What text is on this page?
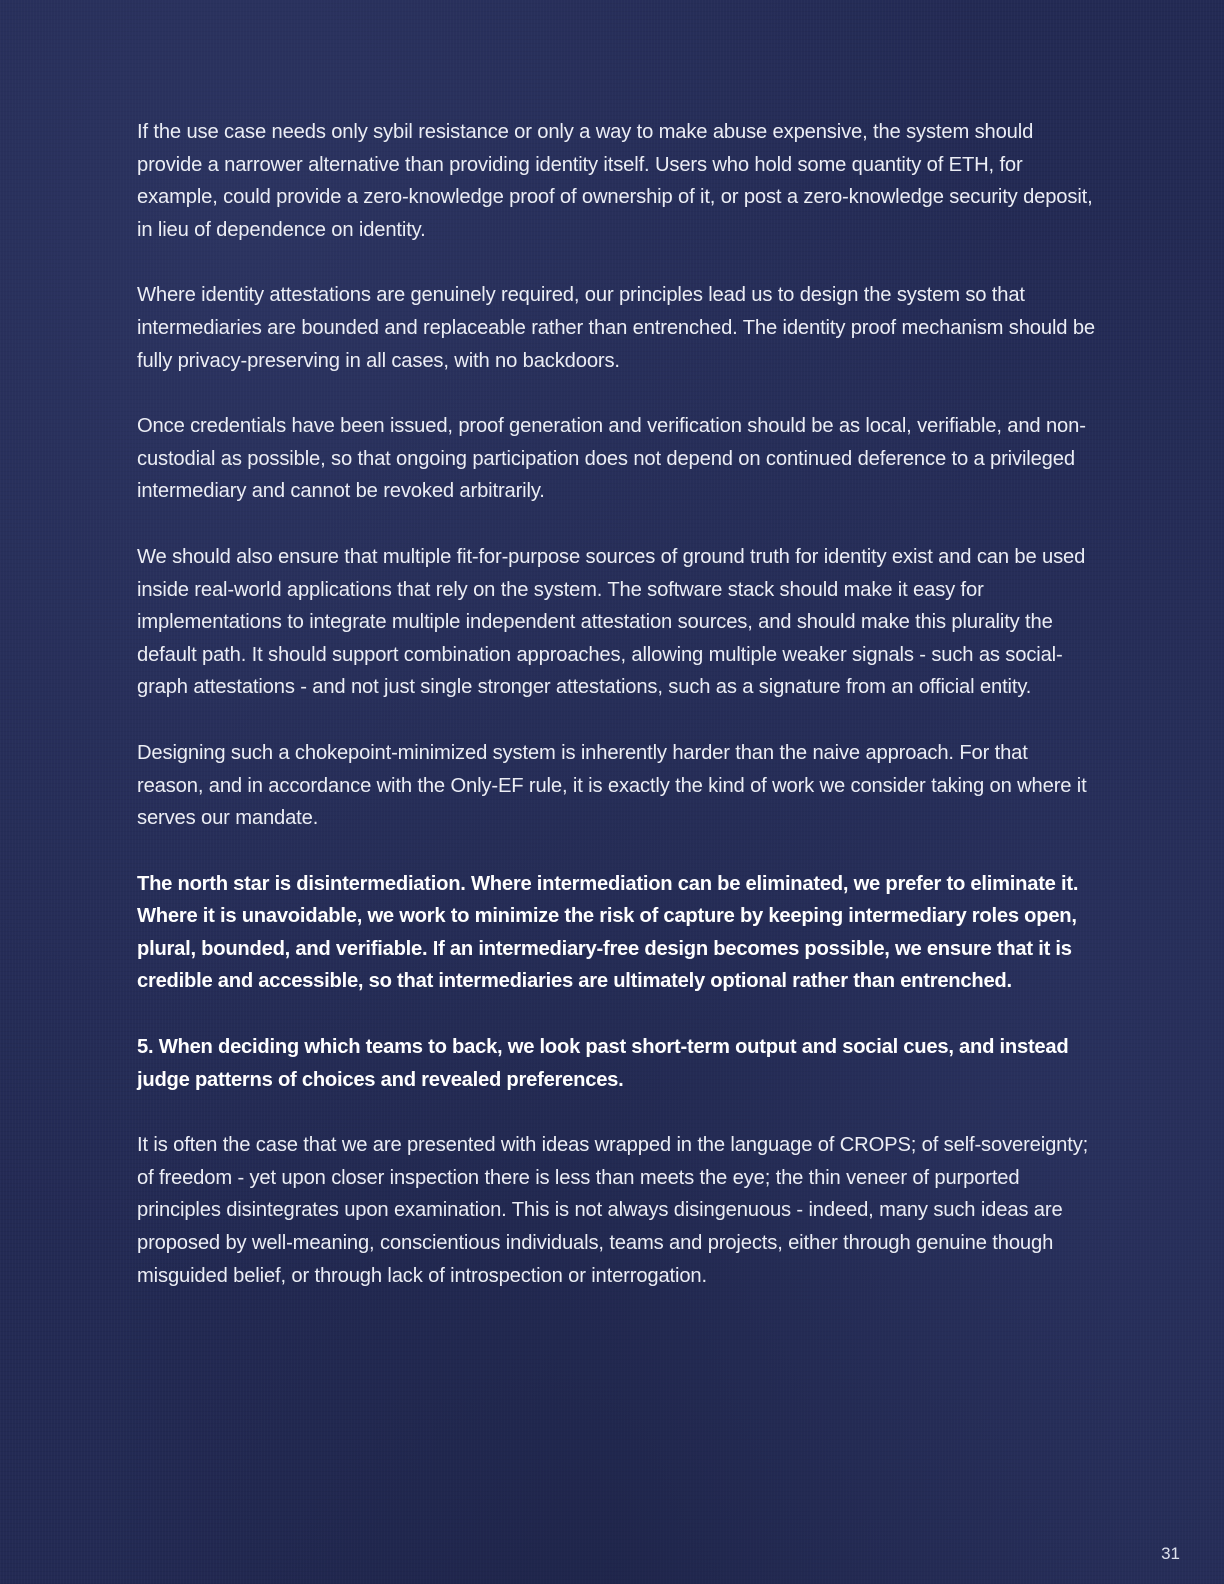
If the use case needs only sybil resistance or only a way to make abuse expensive, the system should provide a narrower alternative than providing identity itself. Users who hold some quantity of ETH, for example, could provide a zero-knowledge proof of ownership of it, or post a zero-knowledge security deposit, in lieu of dependence on identity.

Where identity attestations are genuinely required, our principles lead us to design the system so that intermediaries are bounded and replaceable rather than entrenched. The identity proof mechanism should be fully privacy-preserving in all cases, with no backdoors.

Once credentials have been issued, proof generation and verification should be as local, verifiable, and non-custodial as possible, so that ongoing participation does not depend on continued deference to a privileged intermediary and cannot be revoked arbitrarily.

We should also ensure that multiple fit-for-purpose sources of ground truth for identity exist and can be used inside real-world applications that rely on the system. The software stack should make it easy for implementations to integrate multiple independent attestation sources, and should make this plurality the default path. It should support combination approaches, allowing multiple weaker signals - such as social-graph attestations - and not just single stronger attestations, such as a signature from an official entity.

Designing such a chokepoint-minimized system is inherently harder than the naive approach. For that reason, and in accordance with the Only-EF rule, it is exactly the kind of work we consider taking on where it serves our mandate.

The north star is disintermediation. Where intermediation can be eliminated, we prefer to eliminate it. Where it is unavoidable, we work to minimize the risk of capture by keeping intermediary roles open, plural, bounded, and verifiable. If an intermediary-free design becomes possible, we ensure that it is credible and accessible, so that intermediaries are ultimately optional rather than entrenched.

5. When deciding which teams to back, we look past short-term output and social cues, and instead judge patterns of choices and revealed preferences.

It is often the case that we are presented with ideas wrapped in the language of CROPS; of self-sovereignty; of freedom - yet upon closer inspection there is less than meets the eye; the thin veneer of purported principles disintegrates upon examination. This is not always disingenuous - indeed, many such ideas are proposed by well-meaning, conscientious individuals, teams and projects, either through genuine though misguided belief, or through lack of introspection or interrogation.

31
